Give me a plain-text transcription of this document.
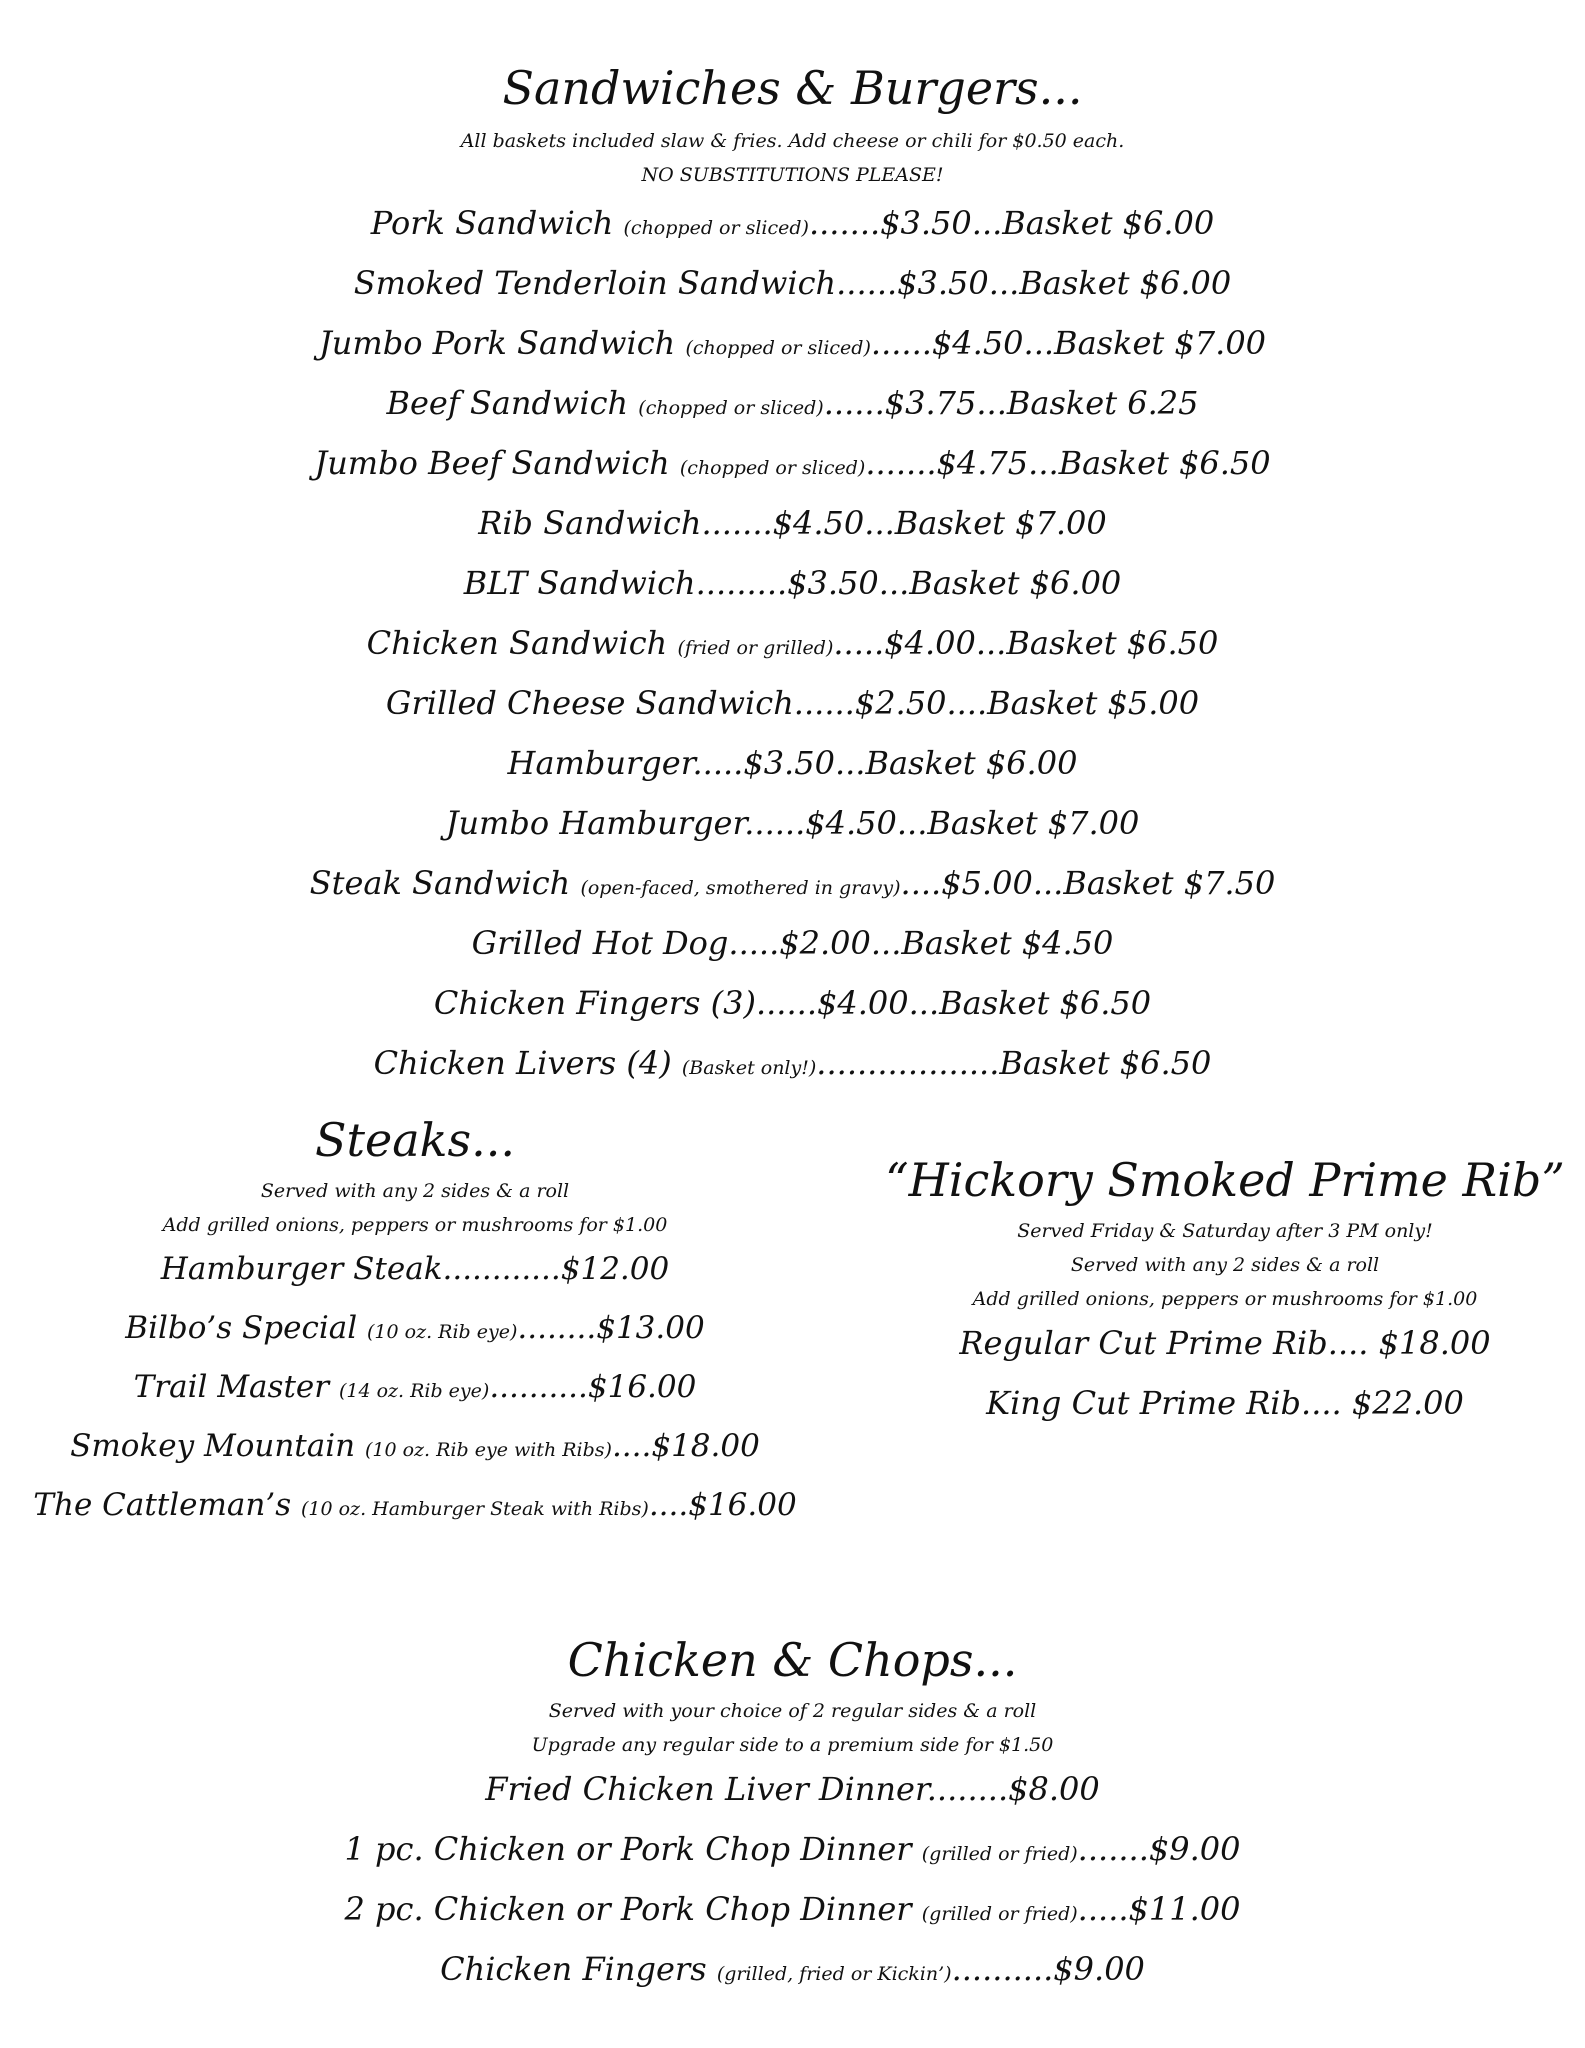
Sandwiches & Burgers...
All baskets included slaw & fries. Add cheese or chili for $0.50 each.
NO SUBSTITUTIONS PLEASE!
Pork Sandwich (chopped or sliced).......$3.50...Basket $6.00
Smoked Tenderloin Sandwich......$3.50...Basket $6.00
Jumbo Pork Sandwich (chopped or sliced)......$4.50...Basket $7.00
Beef Sandwich (chopped or sliced)......$3.75...Basket 6.25
Jumbo Beef Sandwich (chopped or sliced).......$4.75...Basket $6.50
Rib Sandwich.......$4.50...Basket $7.00
BLT Sandwich.........$3.50...Basket $6.00
Chicken Sandwich (fried or grilled).....$4.00...Basket $6.50
Grilled Cheese Sandwich......$2.50....Basket $5.00
Hamburger.....$3.50...Basket $6.00
Jumbo Hamburger......$4.50...Basket $7.00
Steak Sandwich (open-faced, smothered in gravy)....$5.00...Basket $7.50
Grilled Hot Dog.....$2.00...Basket $4.50
Chicken Fingers (3)......$4.00...Basket $6.50
Chicken Livers (4) (Basket only!)..................Basket $6.50
Steaks...
Served with any 2 sides & a roll
Add grilled onions, peppers or mushrooms for $1.00
Hamburger Steak............$12.00
Bilbo’s Special (10 oz. Rib eye)........$13.00
Trail Master (14 oz. Rib eye)..........$16.00
Smokey Mountain (10 oz. Rib eye with Ribs)....$18.00
The Cattleman’s (10 oz. Hamburger Steak with Ribs)....$16.00
“Hickory Smoked Prime Rib”
Served Friday & Saturday after 3 PM only!
Served with any 2 sides & a roll
Add grilled onions, peppers or mushrooms for $1.00
Regular Cut Prime Rib.... $18.00
King Cut Prime Rib.... $22.00
Chicken & Chops...
Served with your choice of 2 regular sides & a roll
Upgrade any regular side to a premium side for $1.50
Fried Chicken Liver Dinner........$8.00
1 pc. Chicken or Pork Chop Dinner (grilled or fried).......$9.00
2 pc. Chicken or Pork Chop Dinner (grilled or fried).....$11.00
Chicken Fingers (grilled, fried or Kickin’)..........$9.00
